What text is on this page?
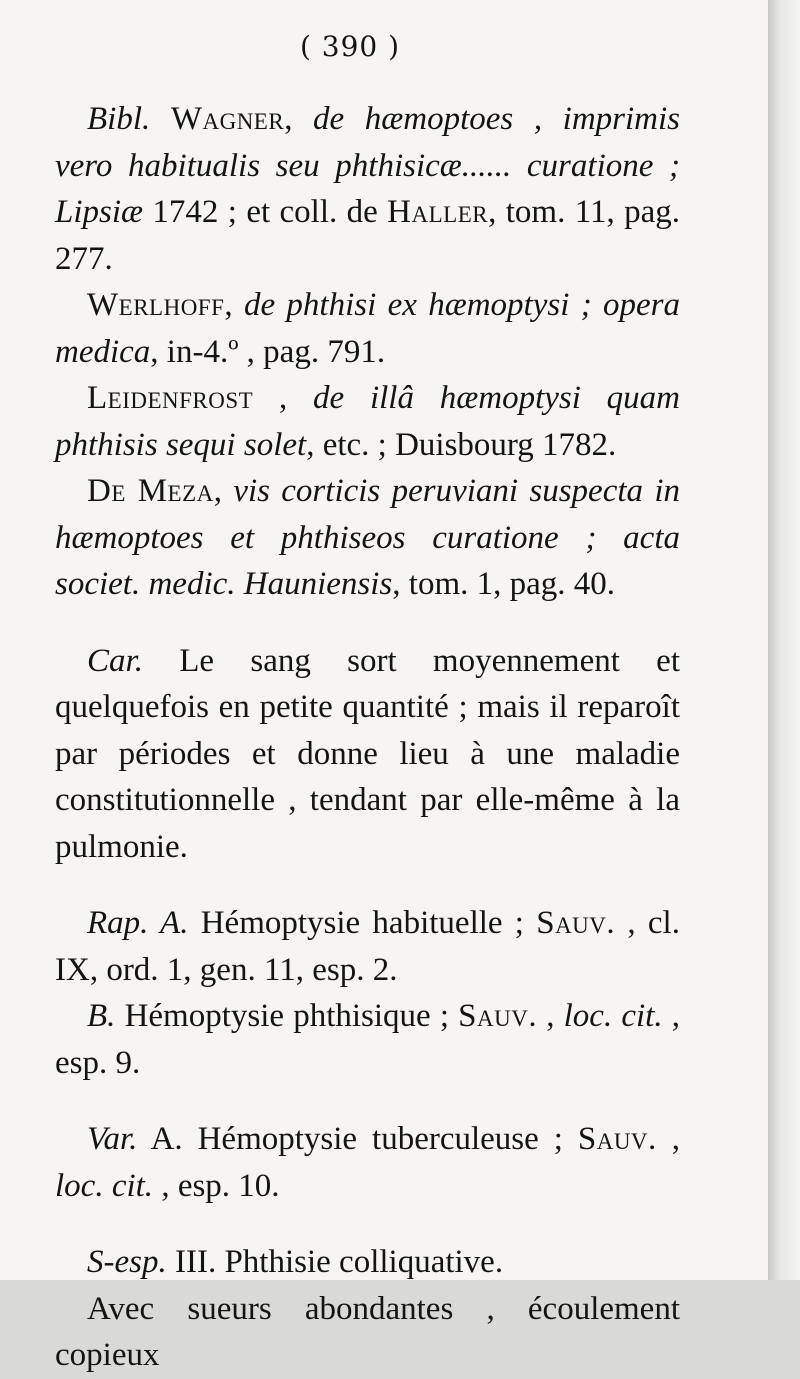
( 390 )

Bibl. Wagner, de hæmoptoes , imprimis vero habitualis seu phthisicæ...... curatione ; Lipsiæ 1742 ; et coll. de Haller, tom. 11, pag. 277.

Werlhoff, de phthisi ex hæmoptysi ; opera medica, in-4.º , pag. 791.

Leidenfrost , de illâ hæmoptysi quam phthisis sequi solet, etc. ; Duisbourg 1782.

De Meza, vis corticis peruviani suspecta in hæmoptoes et phthiseos curatione ; acta societ. medic. Hauniensis, tom. 1, pag. 40.

Car. Le sang sort moyennement et quelquefois en petite quantité ; mais il reparoît par périodes et donne lieu à une maladie constitutionnelle , tendant par elle-même à la pulmonie.

Rap. A. Hémoptysie habituelle ; Sauv. , cl. IX, ord. 1, gen. 11, esp. 2.

B. Hémoptysie phthisique ; Sauv. , loc. cit. , esp. 9.

Var. A. Hémoptysie tuberculeuse ; Sauv. , loc. cit. , esp. 10.

S-esp. III. Phthisie colliquative.

Avec sueurs abondantes , écoulement copieux
